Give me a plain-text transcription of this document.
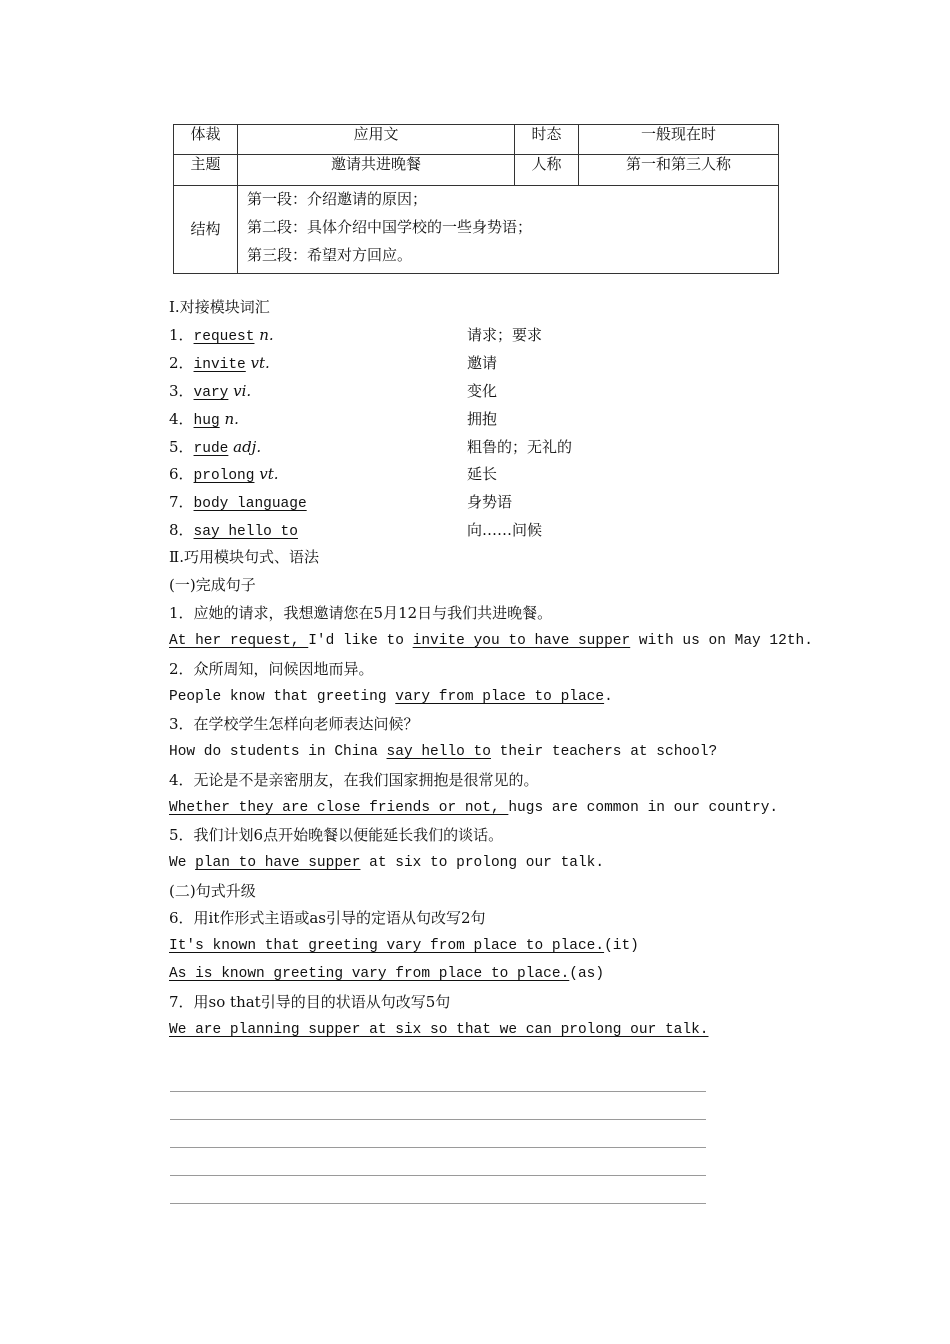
体裁	应用文	时态	一般现在时
主题	邀请共进晚餐	人称	第一和第三人称
结构	第一段：介绍邀请的原因；
第二段：具体介绍中国学校的一些身势语；
第三段：希望对方回应。		
Ⅰ.对接模块词汇
1．request n.	请求；要求
2．invite vt.	邀请
3．vary vi.	变化
4．hug n.	拥抱
5．rude adj.	粗鲁的；无礼的
6．prolong vt.	延长
7．body language	身势语
8．say hello to	向……问候
Ⅱ.巧用模块句式、语法
(一)完成句子
1．应她的请求，我想邀请您在5月12日与我们共进晚餐。
At her request, I'd like to invite you to have supper with us on May 12th.
2．众所周知，问候因地而异。
People know that greeting vary from place to place.
3．在学校学生怎样向老师表达问候？
How do students in China say hello to their teachers at school?
4．无论是不是亲密朋友，在我们国家拥抱是很常见的。
Whether they are close friends or not, hugs are common in our country.
5．我们计划6点开始晚餐以便能延长我们的谈话。
We plan to have supper at six to prolong our talk.
(二)句式升级
6．用it作形式主语或as引导的定语从句改写2句
It's known that greeting vary from place to place.(it)
As is known greeting vary from place to place.(as)
7．用so that引导的目的状语从句改写5句
We are planning supper at six so that we can prolong our talk.
